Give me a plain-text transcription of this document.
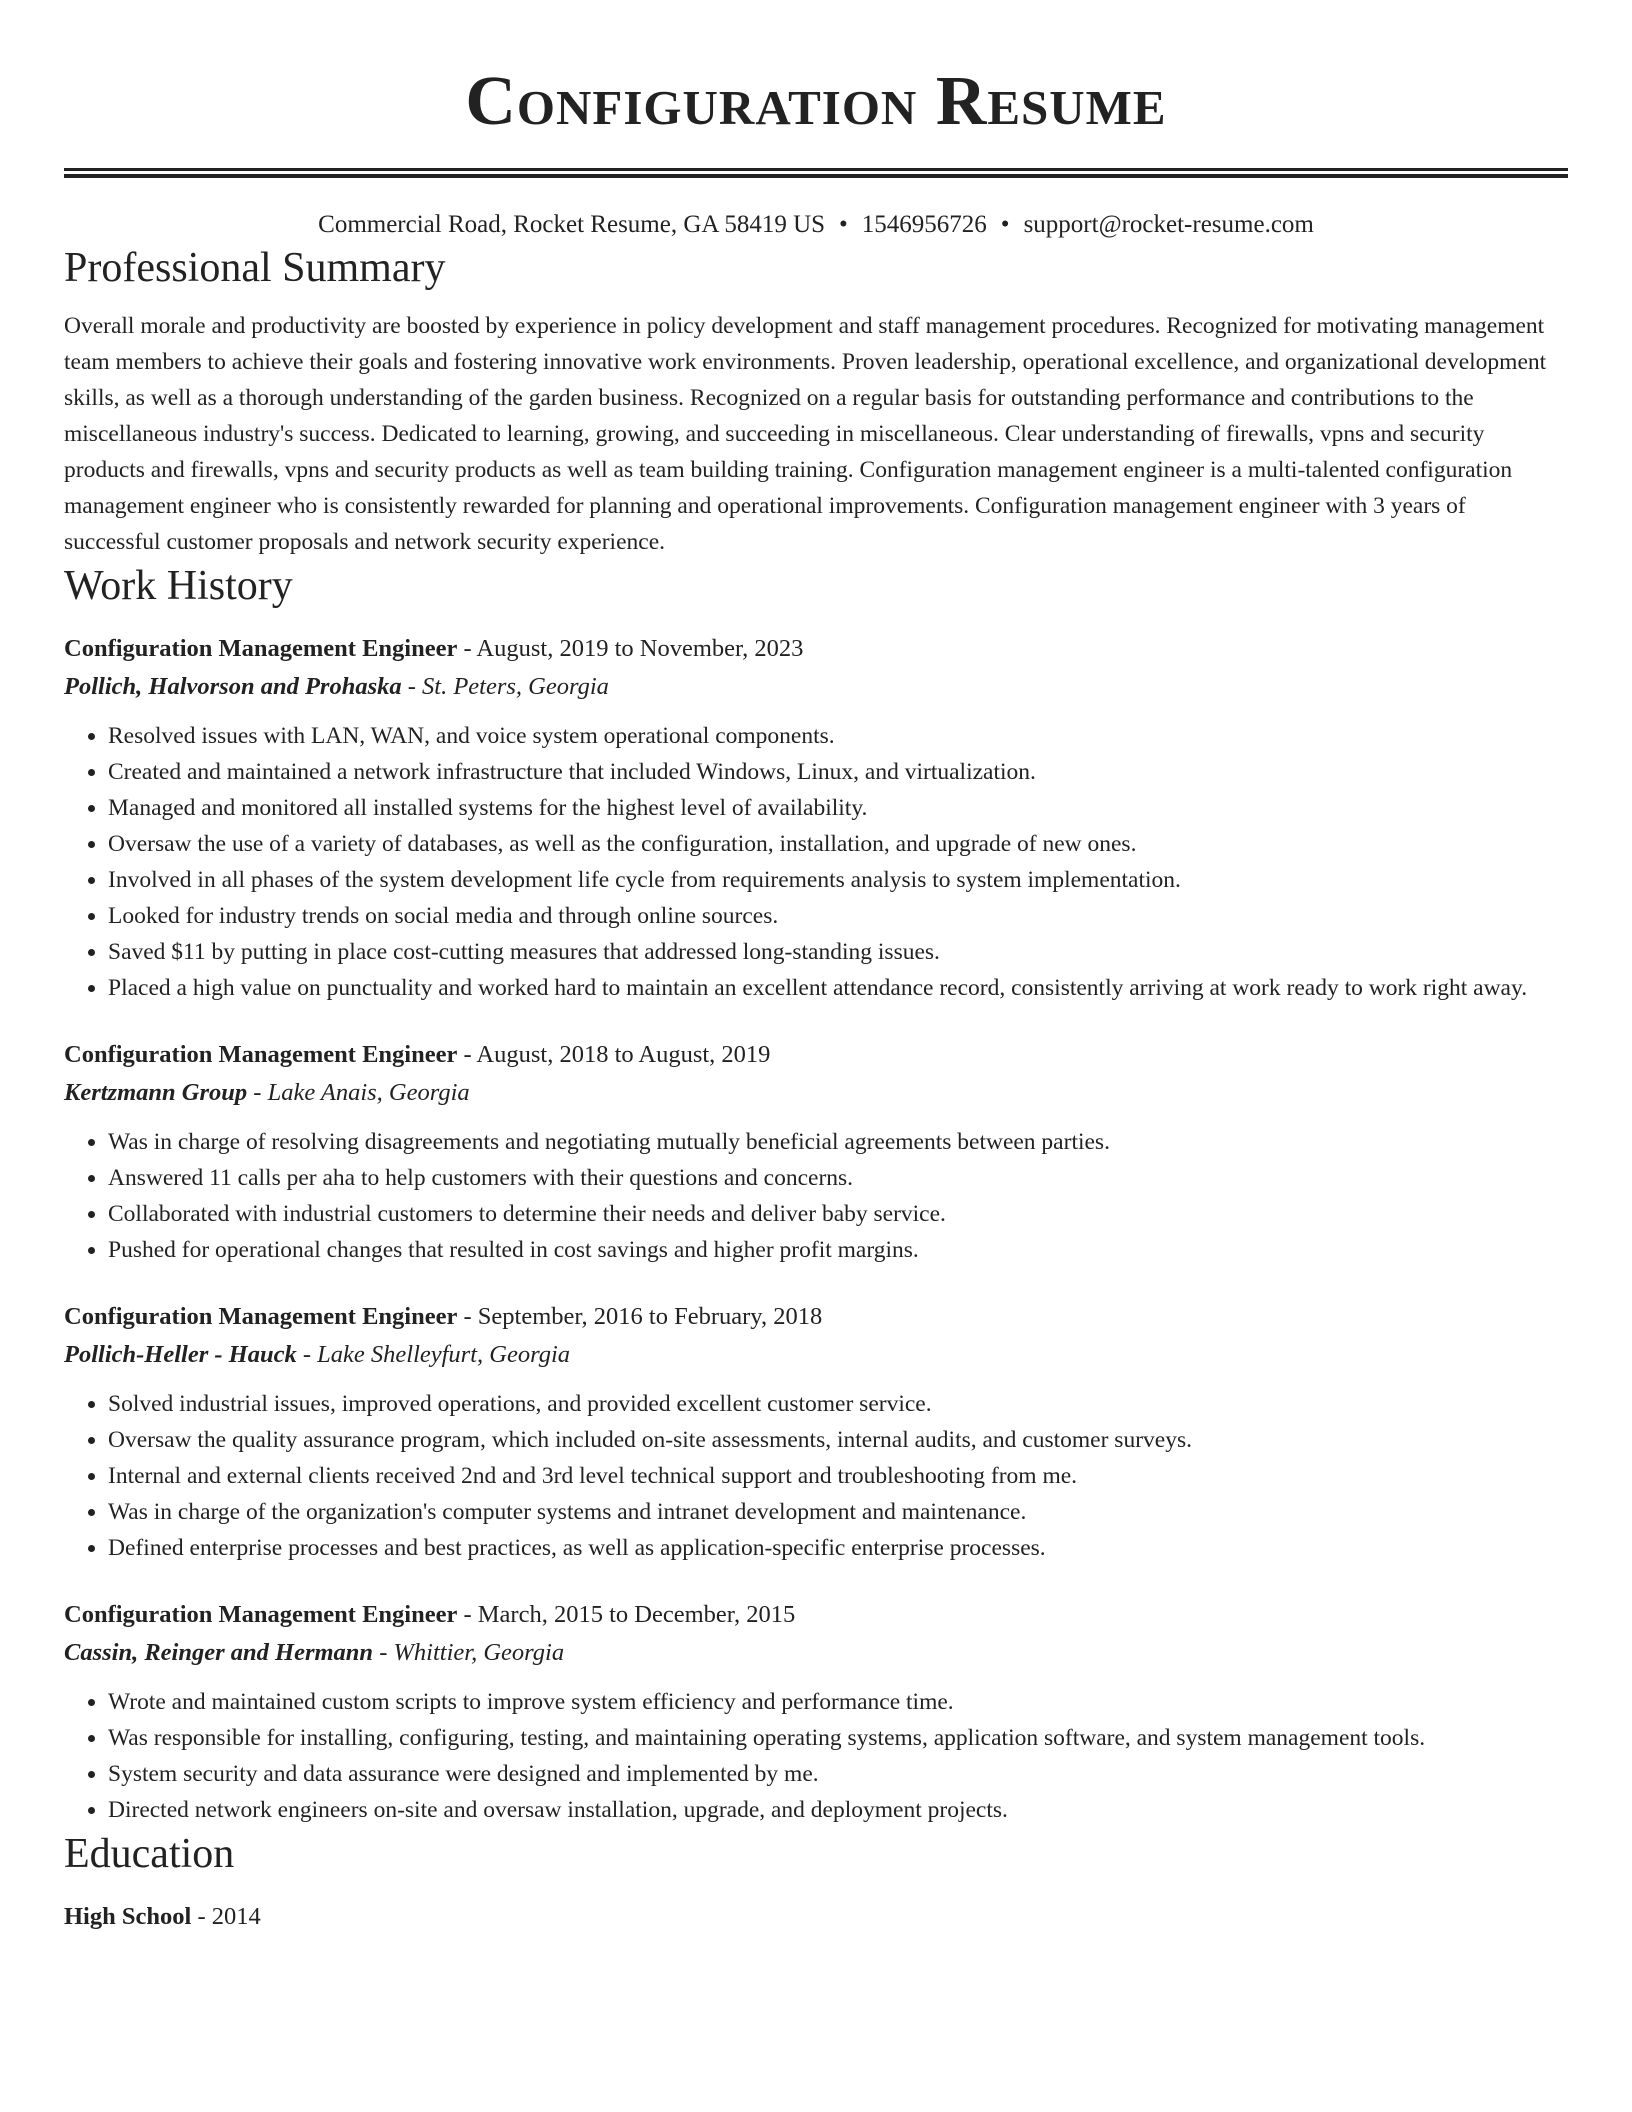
Configuration Resume
Commercial Road, Rocket Resume, GA 58419 US • 1546956726 • support@rocket-resume.com
Professional Summary

Overall morale and productivity are boosted by experience in policy development and staff management procedures. Recognized for motivating management team members to achieve their goals and fostering innovative work environments. Proven leadership, operational excellence, and organizational development skills, as well as a thorough understanding of the garden business. Recognized on a regular basis for outstanding performance and contributions to the miscellaneous industry's success. Dedicated to learning, growing, and succeeding in miscellaneous. Clear understanding of firewalls, vpns and security products and firewalls, vpns and security products as well as team building training. Configuration management engineer is a multi-talented configuration management engineer who is consistently rewarded for planning and operational improvements. Configuration management engineer with 3 years of successful customer proposals and network security experience.

Work History
Configuration Management Engineer - August, 2019 to November, 2023
Pollich, Halvorson and Prohaska - St. Peters, Georgia
• Resolved issues with LAN, WAN, and voice system operational components.
• Created and maintained a network infrastructure that included Windows, Linux, and virtualization.
• Managed and monitored all installed systems for the highest level of availability.
• Oversaw the use of a variety of databases, as well as the configuration, installation, and upgrade of new ones.
• Involved in all phases of the system development life cycle from requirements analysis to system implementation.
• Looked for industry trends on social media and through online sources.
• Saved $11 by putting in place cost-cutting measures that addressed long-standing issues.
• Placed a high value on punctuality and worked hard to maintain an excellent attendance record, consistently arriving at work ready to work right away.
Configuration Management Engineer - August, 2018 to August, 2019
Kertzmann Group - Lake Anais, Georgia
• Was in charge of resolving disagreements and negotiating mutually beneficial agreements between parties.
• Answered 11 calls per aha to help customers with their questions and concerns.
• Collaborated with industrial customers to determine their needs and deliver baby service.
• Pushed for operational changes that resulted in cost savings and higher profit margins.
Configuration Management Engineer - September, 2016 to February, 2018
Pollich-Heller - Hauck - Lake Shelleyfurt, Georgia
• Solved industrial issues, improved operations, and provided excellent customer service.
• Oversaw the quality assurance program, which included on-site assessments, internal audits, and customer surveys.
• Internal and external clients received 2nd and 3rd level technical support and troubleshooting from me.
• Was in charge of the organization's computer systems and intranet development and maintenance.
• Defined enterprise processes and best practices, as well as application-specific enterprise processes.
Configuration Management Engineer - March, 2015 to December, 2015
Cassin, Reinger and Hermann - Whittier, Georgia
• Wrote and maintained custom scripts to improve system efficiency and performance time.
• Was responsible for installing, configuring, testing, and maintaining operating systems, application software, and system management tools.
• System security and data assurance were designed and implemented by me.
• Directed network engineers on-site and oversaw installation, upgrade, and deployment projects.
Education
High School - 2014
